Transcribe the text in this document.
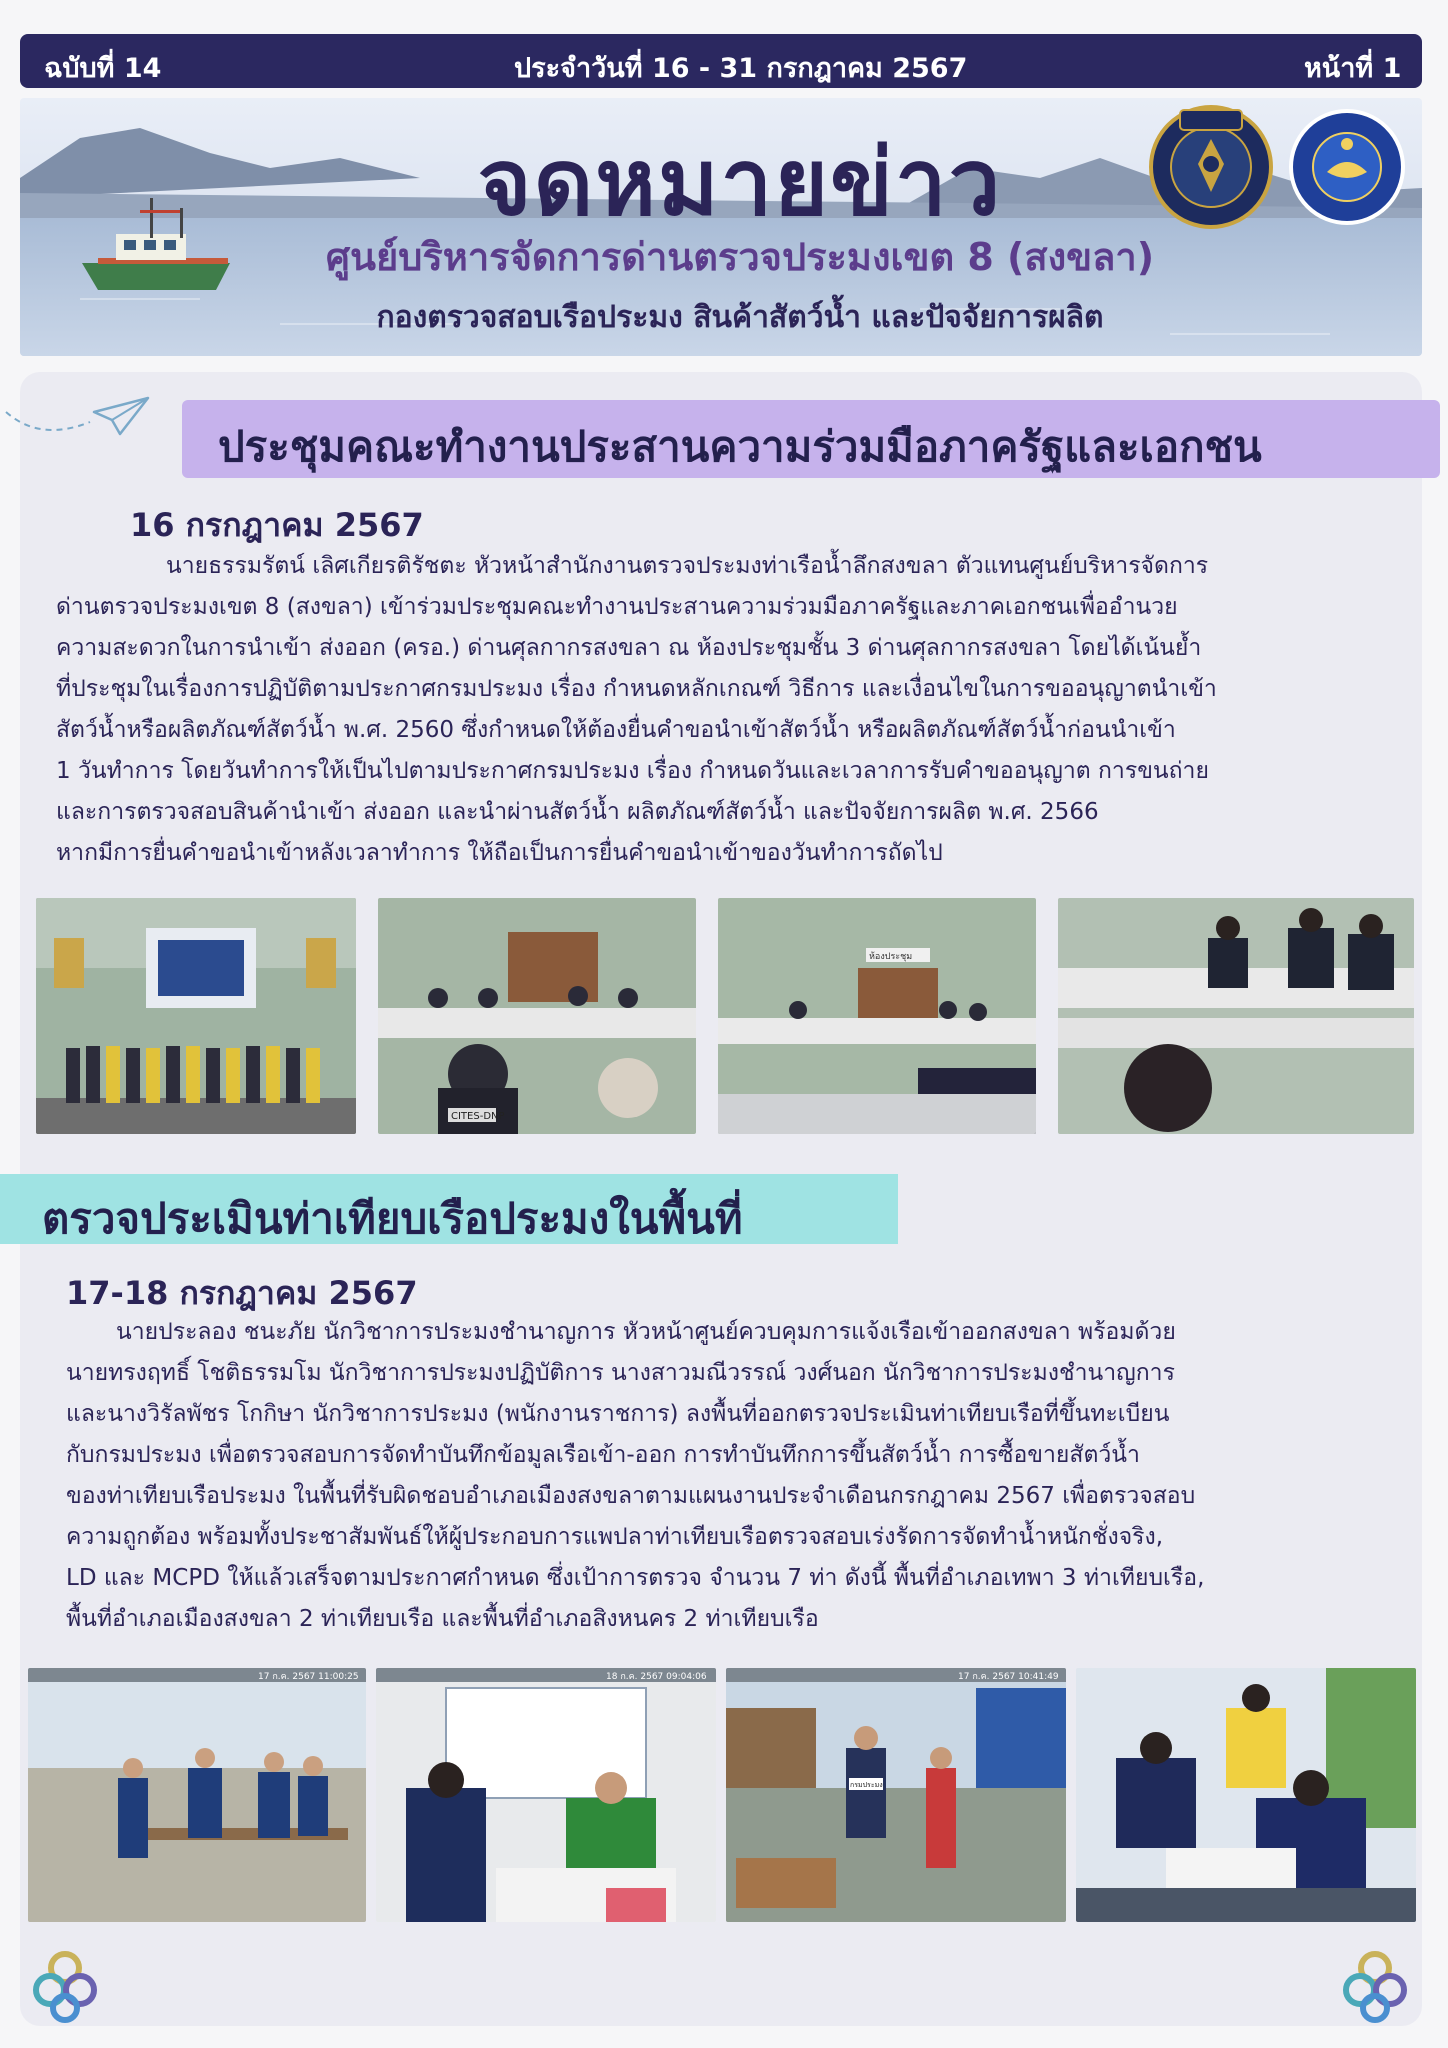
ฉบับที่ 14	ประจำวันที่ 16 - 31 กรกฎาคม 2567	หน้าที่ 1
จดหมายข่าว
ศูนย์บริหารจัดการด่านตรวจประมงเขต 8 (สงขลา)
กองตรวจสอบเรือประมง สินค้าสัตว์น้ำ และปัจจัยการผลิต
ประชุมคณะทำงานประสานความร่วมมือภาครัฐและเอกชน
16 กรกฎาคม 2567
นายธรรมรัตน์ เลิศเกียรติรัชตะ หัวหน้าสำนักงานตรวจประมงท่าเรือน้ำลึกสงขลา ตัวแทนศูนย์บริหารจัดการ
ด่านตรวจประมงเขต 8 (สงขลา) เข้าร่วมประชุมคณะทำงานประสานความร่วมมือภาครัฐและภาคเอกชนเพื่ออำนวย
ความสะดวกในการนำเข้า ส่งออก (ครอ.) ด่านศุลกากรสงขลา ณ ห้องประชุมชั้น 3 ด่านศุลกากรสงขลา โดยได้เน้นย้ำ
ที่ประชุมในเรื่องการปฏิบัติตามประกาศกรมประมง เรื่อง กำหนดหลักเกณฑ์ วิธีการ และเงื่อนไขในการขออนุญาตนำเข้า
สัตว์น้ำหรือผลิตภัณฑ์สัตว์น้ำ พ.ศ. 2560 ซึ่งกำหนดให้ต้องยื่นคำขอนำเข้าสัตว์น้ำ หรือผลิตภัณฑ์สัตว์น้ำก่อนนำเข้า
1 วันทำการ โดยวันทำการให้เป็นไปตามประกาศกรมประมง เรื่อง กำหนดวันและเวลาการรับคำขออนุญาต การขนถ่าย
และการตรวจสอบสินค้านำเข้า ส่งออก และนำผ่านสัตว์น้ำ ผลิตภัณฑ์สัตว์น้ำ และปัจจัยการผลิต พ.ศ. 2566
หากมีการยื่นคำขอนำเข้าหลังเวลาทำการ ให้ถือเป็นการยื่นคำขอนำเข้าของวันทำการถัดไป
CITES-DNP
ห้องประชุม
ตรวจประเมินท่าเทียบเรือประมงในพื้นที่
17-18 กรกฎาคม 2567
นายประลอง ชนะภัย นักวิชาการประมงชำนาญการ หัวหน้าศูนย์ควบคุมการแจ้งเรือเข้าออกสงขลา พร้อมด้วย
นายทรงฤทธิ์ โชติธรรมโม นักวิชาการประมงปฏิบัติการ นางสาวมณีวรรณ์ วงศ์นอก นักวิชาการประมงชำนาญการ
และนางวิรัลพัชร โกกิษา นักวิชาการประมง (พนักงานราชการ) ลงพื้นที่ออกตรวจประเมินท่าเทียบเรือที่ขึ้นทะเบียน
กับกรมประมง เพื่อตรวจสอบการจัดทำบันทึกข้อมูลเรือเข้า-ออก การทำบันทึกการขึ้นสัตว์น้ำ การซื้อขายสัตว์น้ำ
ของท่าเทียบเรือประมง ในพื้นที่รับผิดชอบอำเภอเมืองสงขลาตามแผนงานประจำเดือนกรกฎาคม 2567 เพื่อตรวจสอบ
ความถูกต้อง พร้อมทั้งประชาสัมพันธ์ให้ผู้ประกอบการแพปลาท่าเทียบเรือตรวจสอบเร่งรัดการจัดทำน้ำหนักชั่งจริง,
LD และ MCPD ให้แล้วเสร็จตามประกาศกำหนด ซึ่งเป้าการตรวจ จำนวน 7 ท่า ดังนี้ พื้นที่อำเภอเทพา 3 ท่าเทียบเรือ,
พื้นที่อำเภอเมืองสงขลา 2 ท่าเทียบเรือ และพื้นที่อำเภอสิงหนคร 2 ท่าเทียบเรือ
17 ก.ค. 2567 11:00:25	18 ก.ค. 2567 09:04:06	17 ก.ค. 2567 10:41:49
กรมประมง
